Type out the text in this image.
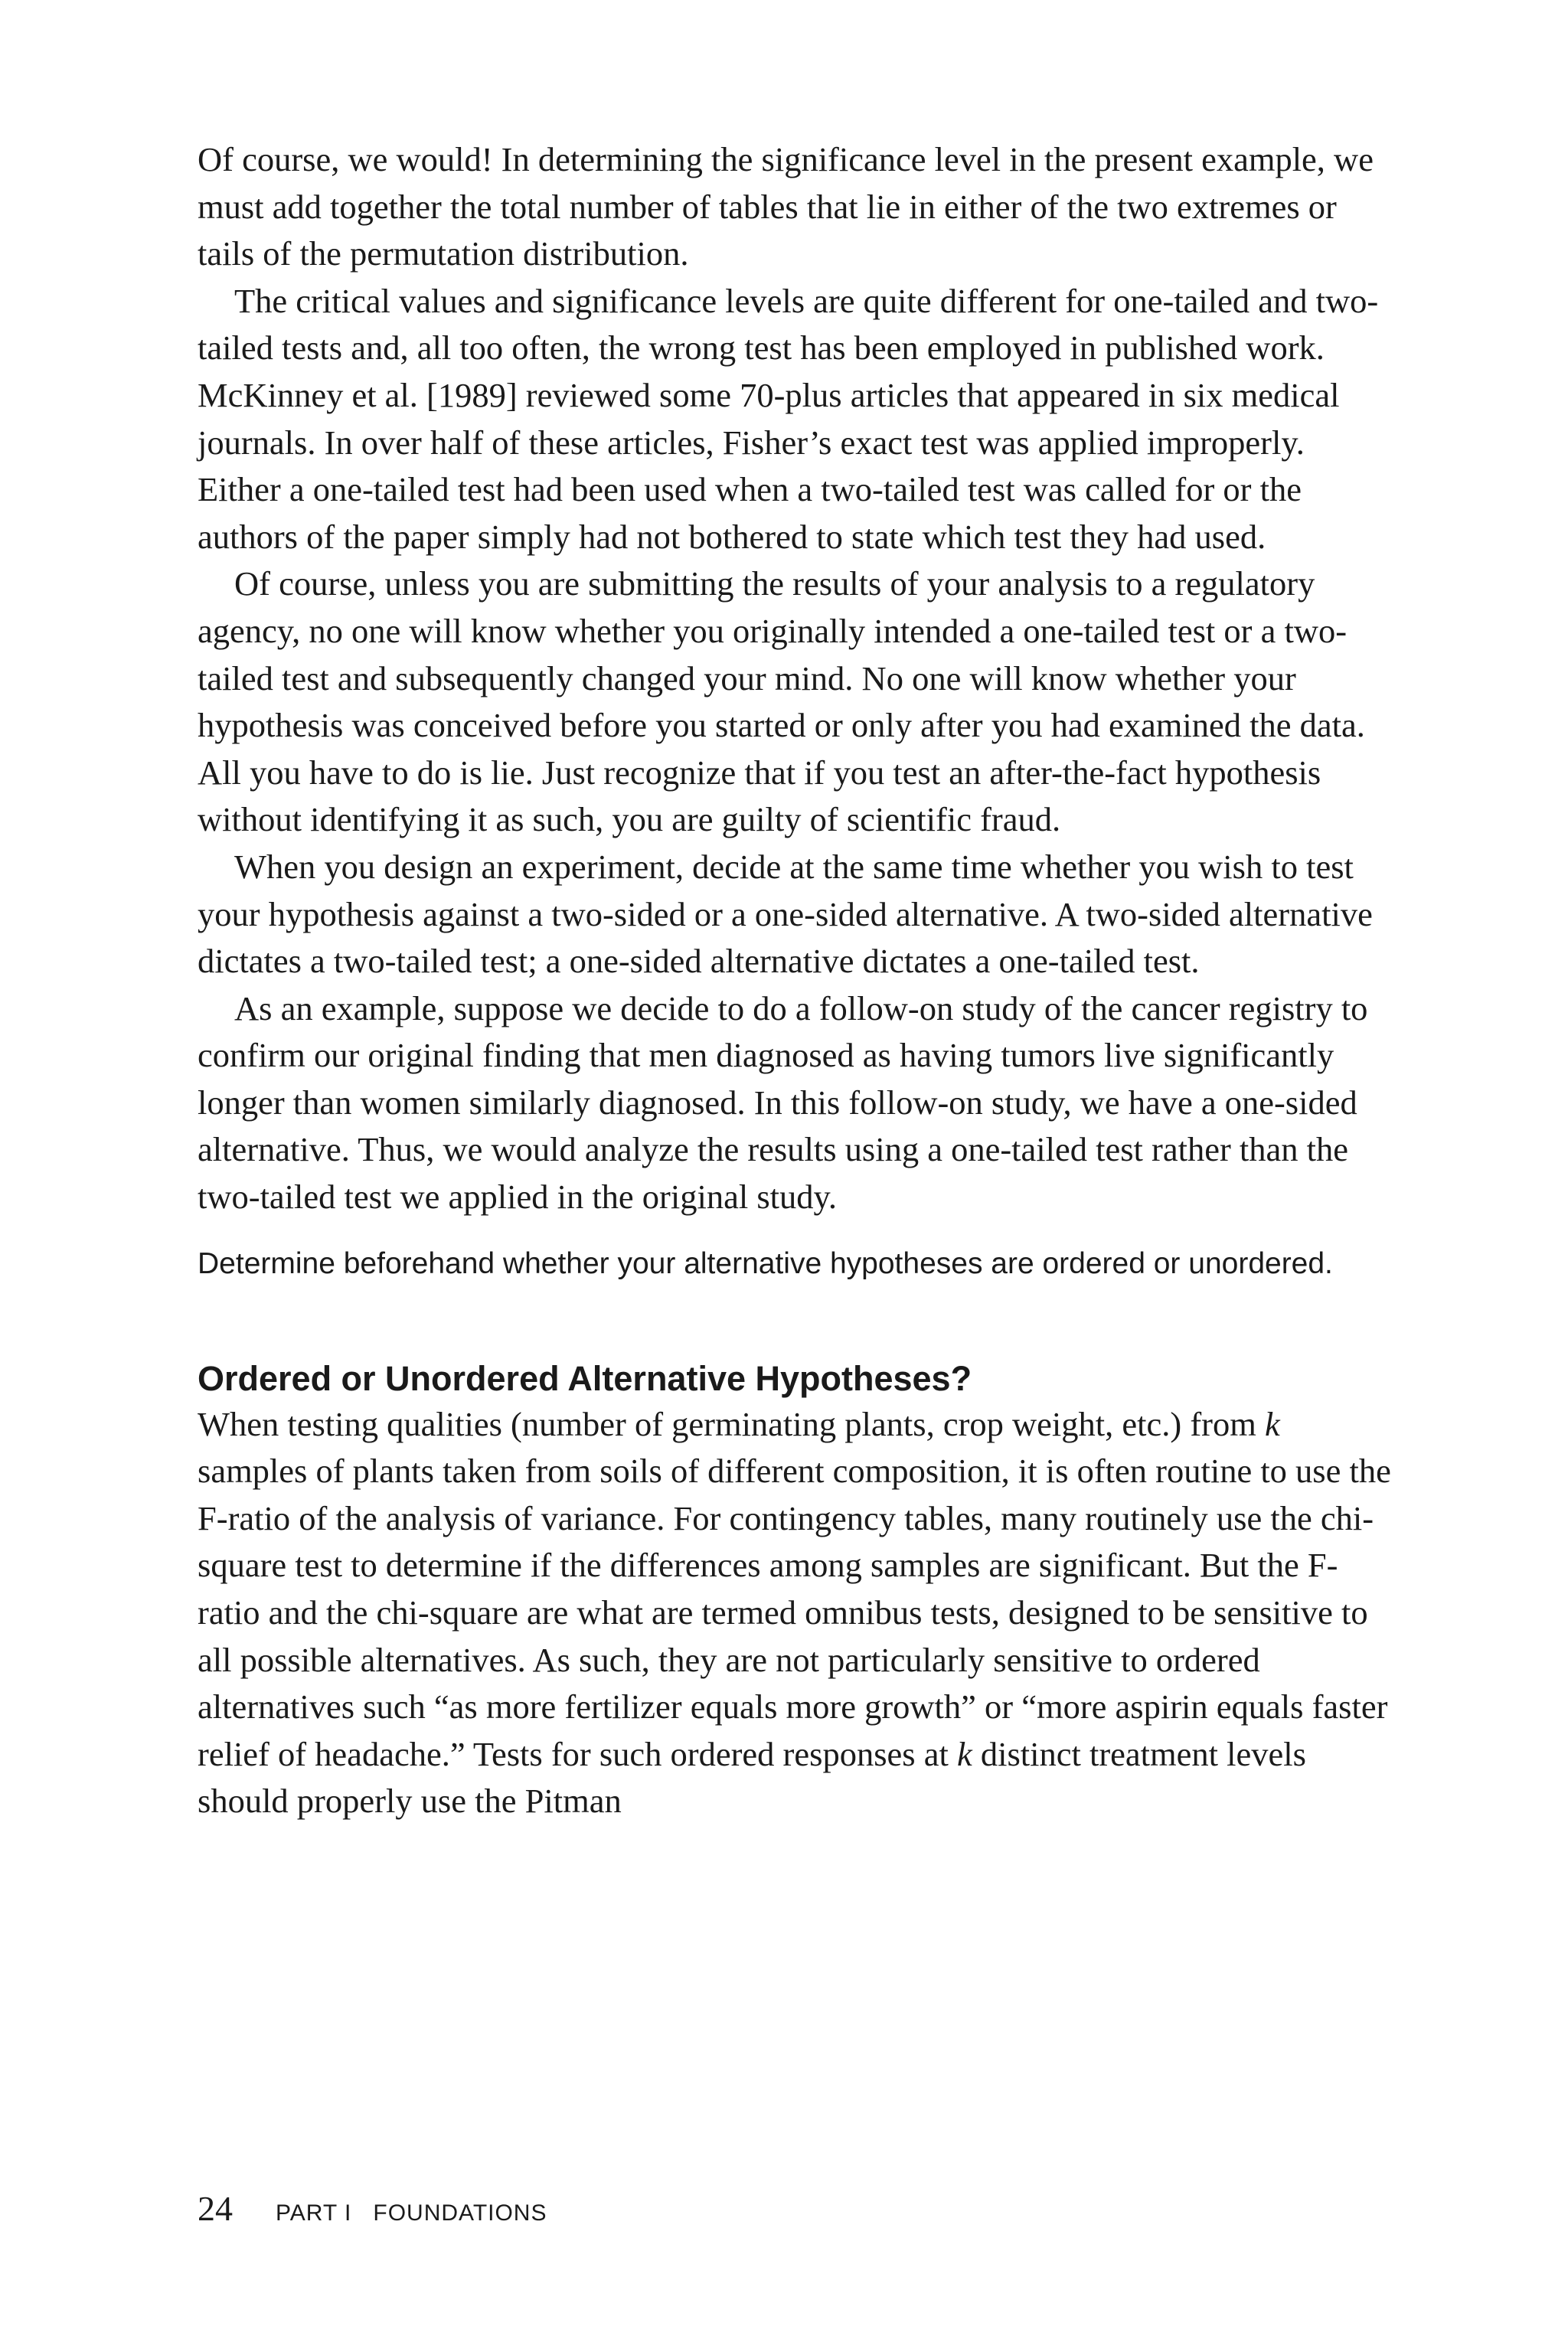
Of course, we would! In determining the significance level in the present example, we must add together the total number of tables that lie in either of the two extremes or tails of the permutation distribution.

The critical values and significance levels are quite different for one-tailed and two-tailed tests and, all too often, the wrong test has been employed in published work. McKinney et al. [1989] reviewed some 70-plus articles that appeared in six medical journals. In over half of these articles, Fisher’s exact test was applied improperly. Either a one-tailed test had been used when a two-tailed test was called for or the authors of the paper simply had not bothered to state which test they had used.

Of course, unless you are submitting the results of your analysis to a regulatory agency, no one will know whether you originally intended a one-tailed test or a two-tailed test and subsequently changed your mind. No one will know whether your hypothesis was conceived before you started or only after you had examined the data. All you have to do is lie. Just recognize that if you test an after-the-fact hypothesis without identifying it as such, you are guilty of scientific fraud.

When you design an experiment, decide at the same time whether you wish to test your hypothesis against a two-sided or a one-sided alternative. A two-sided alternative dictates a two-tailed test; a one-sided alternative dictates a one-tailed test.

As an example, suppose we decide to do a follow-on study of the cancer registry to confirm our original finding that men diagnosed as having tumors live significantly longer than women similarly diagnosed. In this follow-on study, we have a one-sided alternative. Thus, we would analyze the results using a one-tailed test rather than the two-tailed test we applied in the original study.

Determine beforehand whether your alternative hypotheses are ordered or unordered.

Ordered or Unordered Alternative Hypotheses?

When testing qualities (number of germinating plants, crop weight, etc.) from k samples of plants taken from soils of different composition, it is often routine to use the F-ratio of the analysis of variance. For contingency tables, many routinely use the chi-square test to determine if the differences among samples are significant. But the F-ratio and the chi-square are what are termed omnibus tests, designed to be sensitive to all possible alternatives. As such, they are not particularly sensitive to ordered alternatives such “as more fertilizer equals more growth” or “more aspirin equals faster relief of headache.” Tests for such ordered responses at k distinct treatment levels should properly use the Pitman

24 PART I   FOUNDATIONS
